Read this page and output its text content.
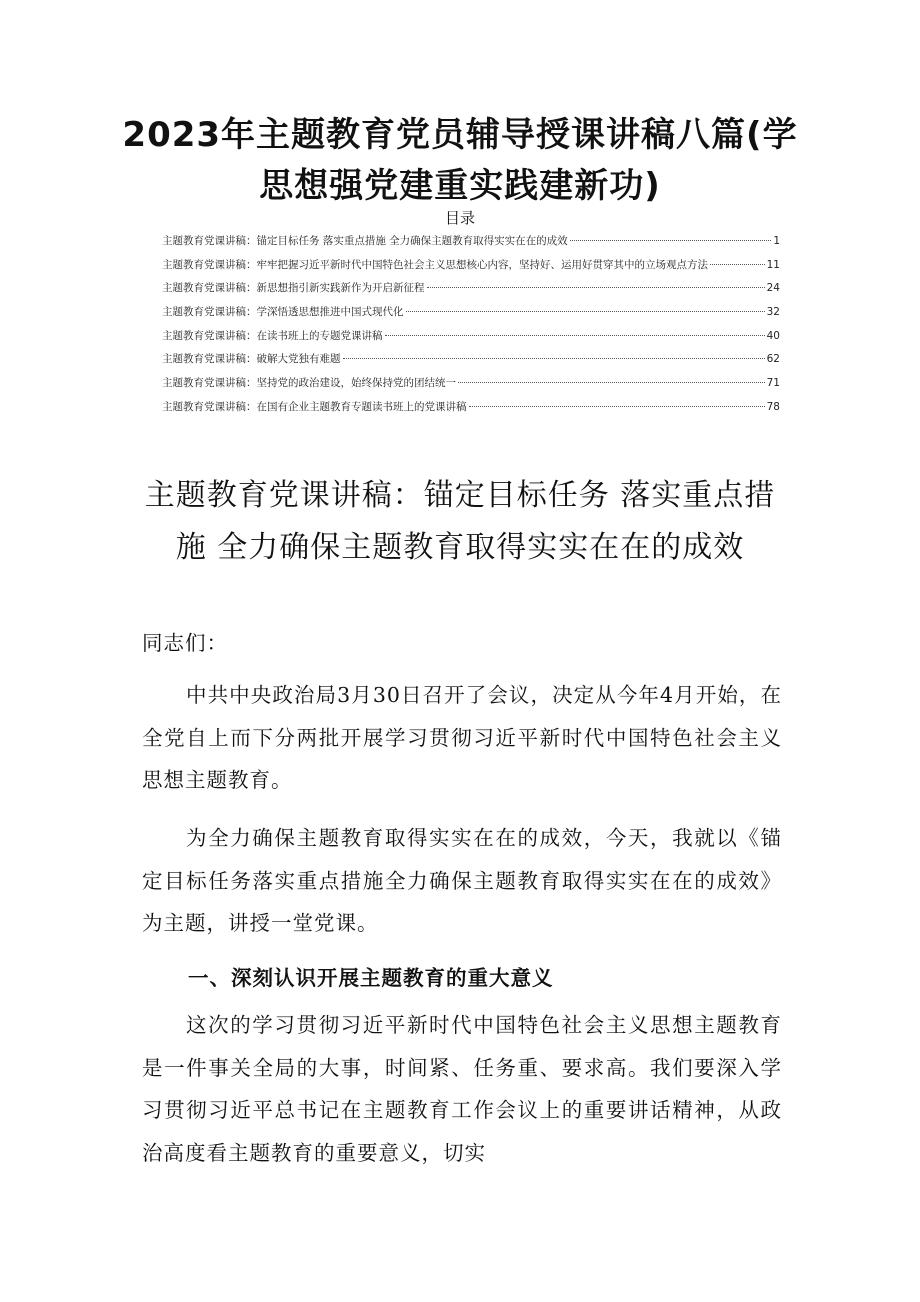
2023年主题教育党员辅导授课讲稿八篇(学思想强党建重实践建新功)
目录
主题教育党课讲稿：锚定目标任务 落实重点措施 全力确保主题教育取得实实在在的成效	1
主题教育党课讲稿：牢牢把握习近平新时代中国特色社会主义思想核心内容，坚持好、运用好贯穿其中的立场观点方法	11
主题教育党课讲稿：新思想指引新实践新作为开启新征程	24
主题教育党课讲稿：学深悟透思想推进中国式现代化	32
主题教育党课讲稿：在读书班上的专题党课讲稿	40
主题教育党课讲稿：破解大党独有难题	62
主题教育党课讲稿：坚持党的政治建设，始终保持党的团结统一	71
主题教育党课讲稿：在国有企业主题教育专题读书班上的党课讲稿	78
主题教育党课讲稿：锚定目标任务 落实重点措施 全力确保主题教育取得实实在在的成效

同志们：

中共中央政治局3月30日召开了会议，决定从今年4月开始，在全党自上而下分两批开展学习贯彻习近平新时代中国特色社会主义思想主题教育。

为全力确保主题教育取得实实在在的成效，今天，我就以《锚定目标任务落实重点措施全力确保主题教育取得实实在在的成效》为主题，讲授一堂党课。

一、深刻认识开展主题教育的重大意义

这次的学习贯彻习近平新时代中国特色社会主义思想主题教育是一件事关全局的大事，时间紧、任务重、要求高。我们要深入学习贯彻习近平总书记在主题教育工作会议上的重要讲话精神，从政治高度看主题教育的重要意义，切实
